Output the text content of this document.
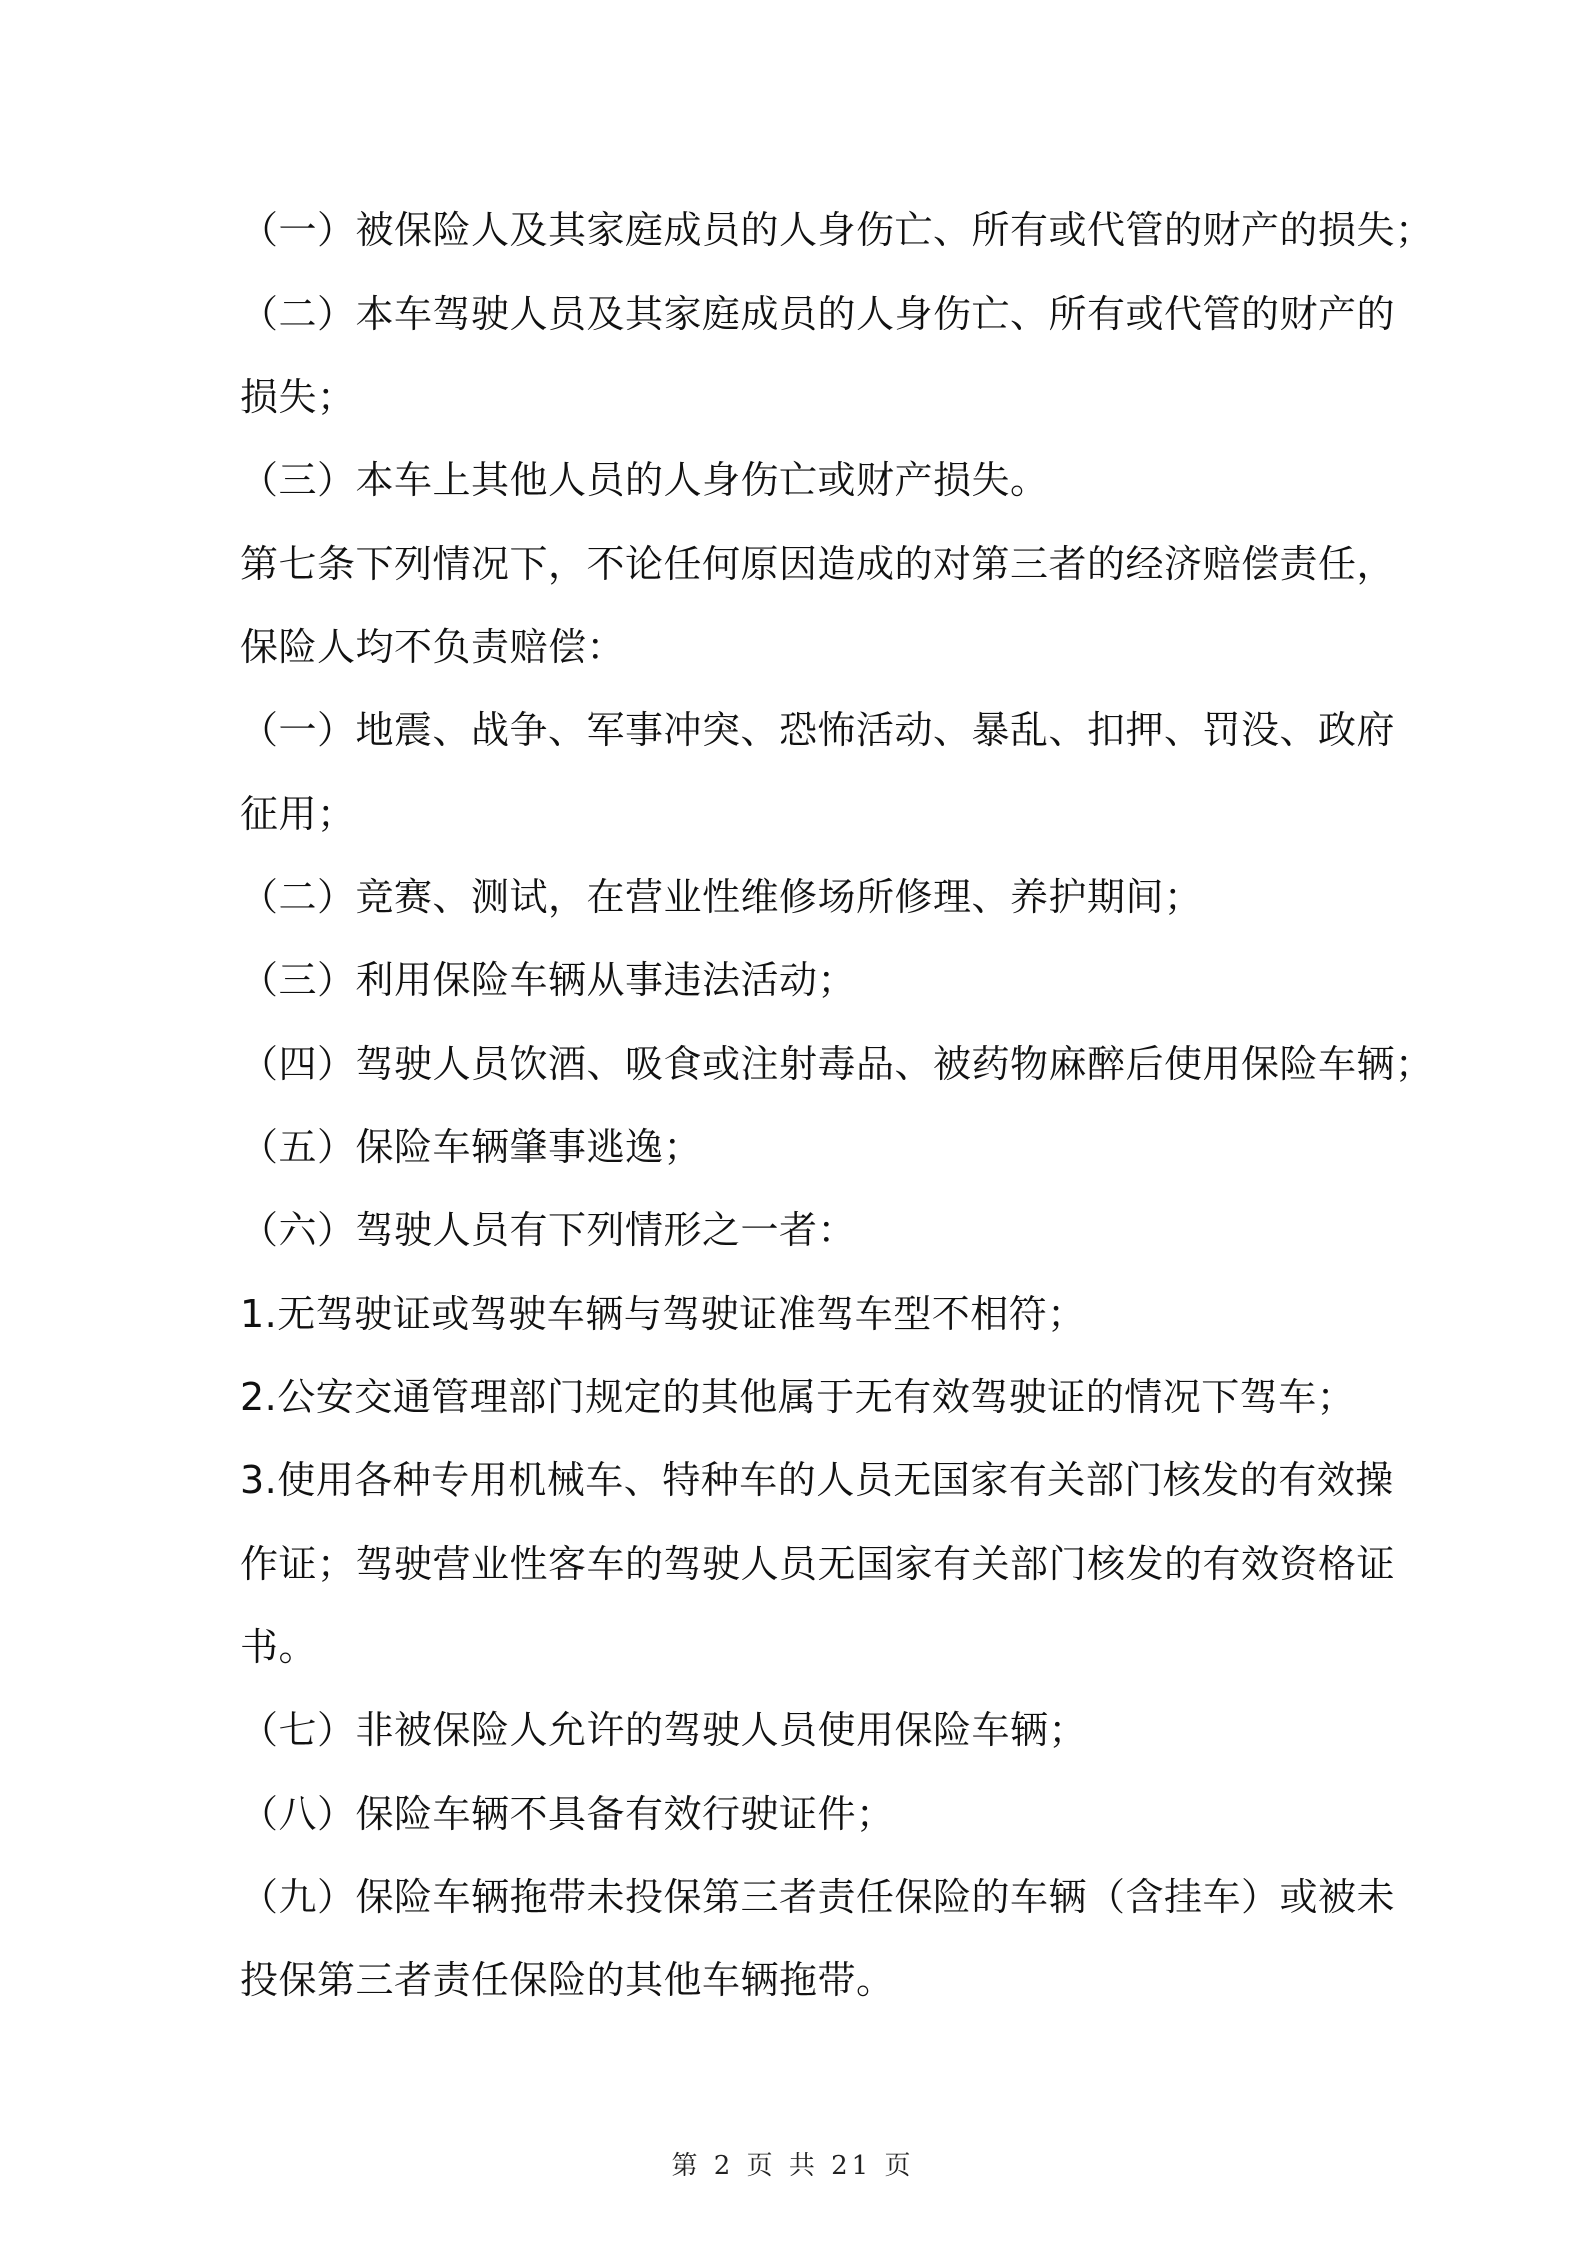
（一）被保险人及其家庭成员的人身伤亡、所有或代管的财产的损失；
（二）本车驾驶人员及其家庭成员的人身伤亡、所有或代管的财产的
损失；
（三）本车上其他人员的人身伤亡或财产损失。
第七条下列情况下，不论任何原因造成的对第三者的经济赔偿责任，
保险人均不负责赔偿：
（一）地震、战争、军事冲突、恐怖活动、暴乱、扣押、罚没、政府
征用；
（二）竞赛、测试，在营业性维修场所修理、养护期间；
（三）利用保险车辆从事违法活动；
（四）驾驶人员饮酒、吸食或注射毒品、被药物麻醉后使用保险车辆；
（五）保险车辆肇事逃逸；
（六）驾驶人员有下列情形之一者：
1.无驾驶证或驾驶车辆与驾驶证准驾车型不相符；
2.公安交通管理部门规定的其他属于无有效驾驶证的情况下驾车；
3.使用各种专用机械车、特种车的人员无国家有关部门核发的有效操
作证；驾驶营业性客车的驾驶人员无国家有关部门核发的有效资格证
书。
（七）非被保险人允许的驾驶人员使用保险车辆；
（八）保险车辆不具备有效行驶证件；
（九）保险车辆拖带未投保第三者责任保险的车辆（含挂车）或被未
投保第三者责任保险的其他车辆拖带。
第 2 页 共 21 页
